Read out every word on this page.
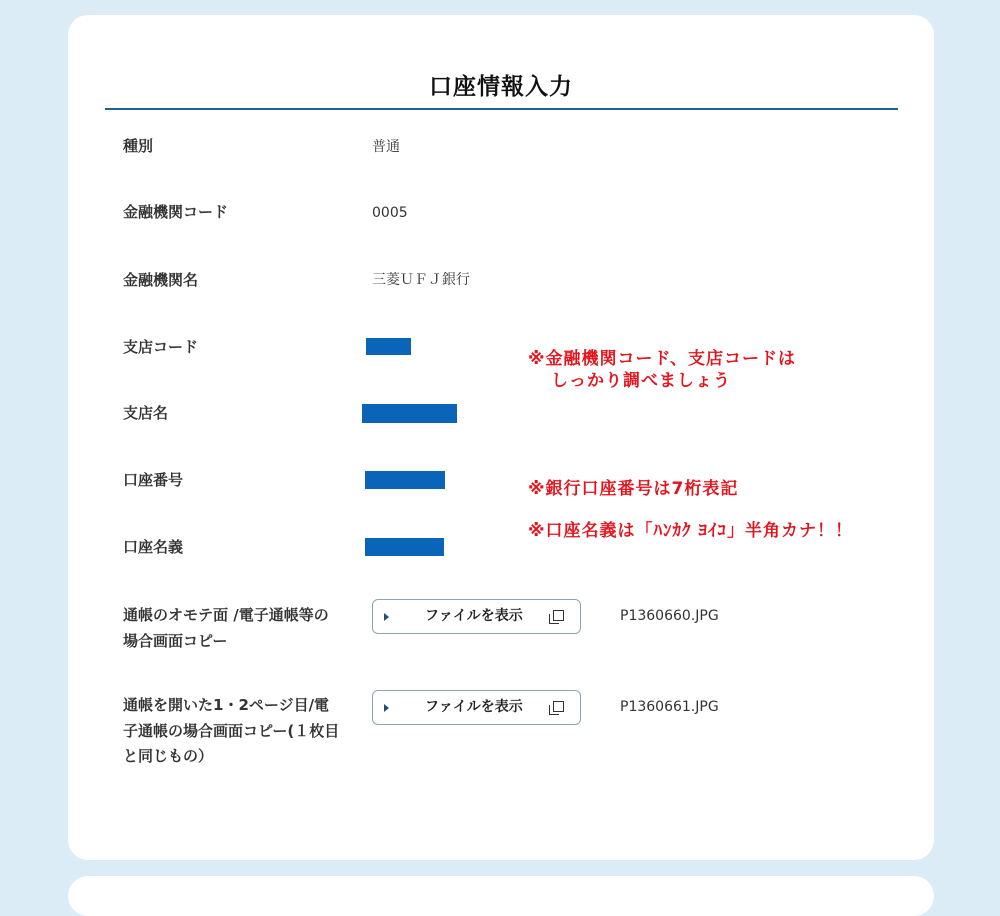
口座情報入力
種別	普通
金融機関コード	0005
金融機関名	三菱ＵＦＪ銀行
支店コード
支店名
口座番号
口座名義
通帳のオモテ面 /電子通帳等の
場合画面コピー
ファイルを表示	P1360660.JPG
通帳を開いた1・2ページ目/電
子通帳の場合画面コピー(１枚目
と同じもの）
ファイルを表示	P1360661.JPG
※金融機関コード、支店コードは
しっかり調べましょう
※銀行口座番号は7桁表記
※口座名義は「ﾊﾝｶｸ ﾖｲｺ」半角カナ！！
